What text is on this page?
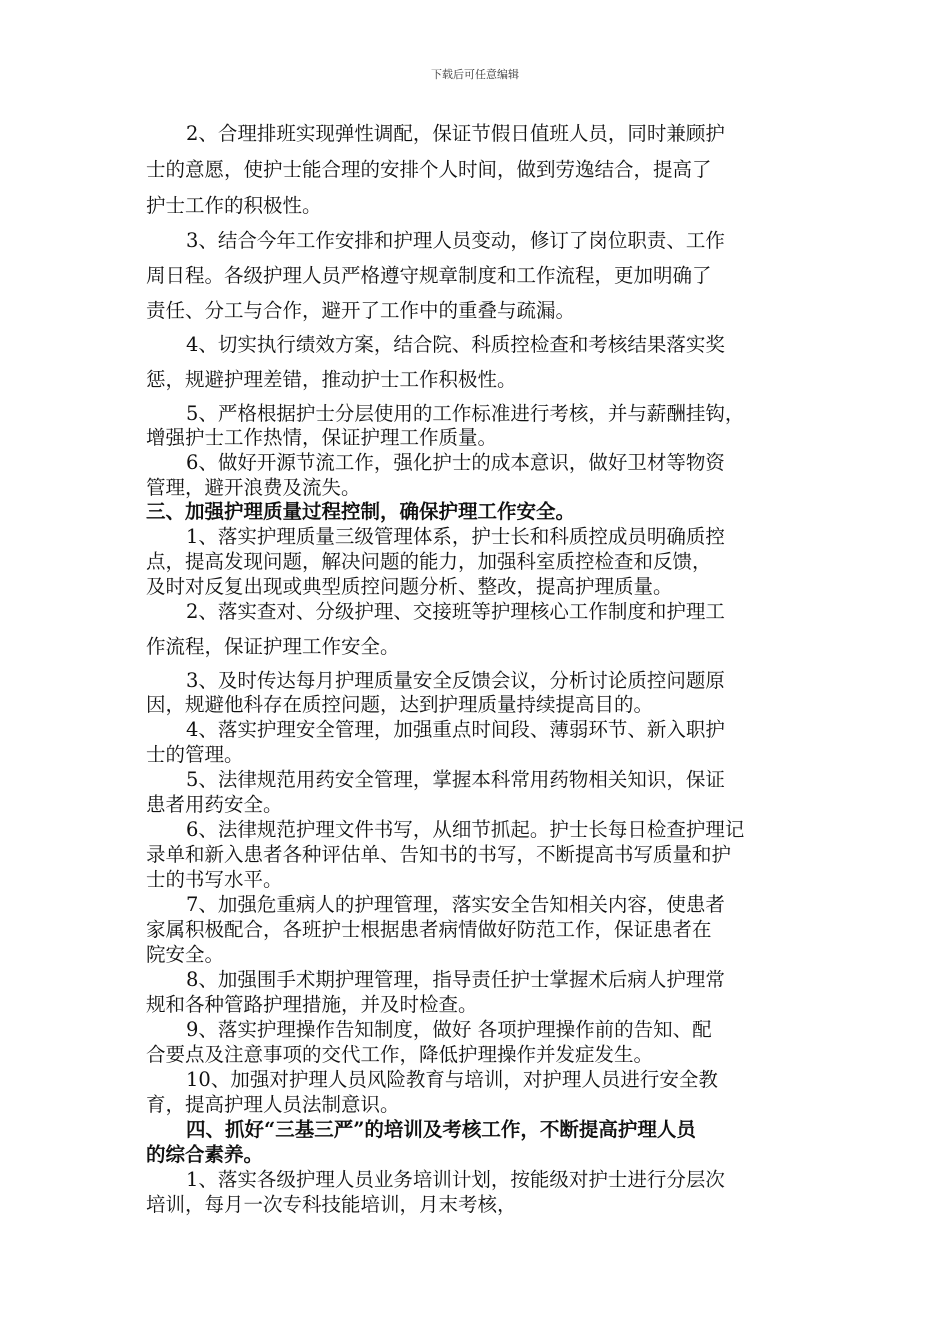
下载后可任意编辑
2、合理排班实现弹性调配，保证节假日值班人员，同时兼顾护
士的意愿，使护士能合理的安排个人时间，做到劳逸结合，提高了
护士工作的积极性。
3、结合今年工作安排和护理人员变动，修订了岗位职责、工作
周日程。各级护理人员严格遵守规章制度和工作流程，更加明确了
责任、分工与合作，避开了工作中的重叠与疏漏。
4、切实执行绩效方案，结合院、科质控检查和考核结果落实奖
惩，规避护理差错，推动护士工作积极性。
5、严格根据护士分层使用的工作标准进行考核，并与薪酬挂钩，
增强护士工作热情，保证护理工作质量。
6、做好开源节流工作，强化护士的成本意识，做好卫材等物资
管理，避开浪费及流失。
三、加强护理质量过程控制，确保护理工作安全。
1、落实护理质量三级管理体系，护士长和科质控成员明确质控
点，提高发现问题，解决问题的能力，加强科室质控检查和反馈，
及时对反复出现或典型质控问题分析、整改，提高护理质量。
2、落实查对、分级护理、交接班等护理核心工作制度和护理工
作流程，保证护理工作安全。
3、及时传达每月护理质量安全反馈会议，分析讨论质控问题原
因，规避他科存在质控问题，达到护理质量持续提高目的。
4、落实护理安全管理，加强重点时间段、薄弱环节、新入职护
士的管理。
5、法律规范用药安全管理，掌握本科常用药物相关知识，保证
患者用药安全。
6、法律规范护理文件书写，从细节抓起。护士长每日检查护理记
录单和新入患者各种评估单、告知书的书写，不断提高书写质量和护
士的书写水平。
7、加强危重病人的护理管理，落实安全告知相关内容，使患者
家属积极配合，各班护士根据患者病情做好防范工作，保证患者在
院安全。
8、加强围手术期护理管理，指导责任护士掌握术后病人护理常
规和各种管路护理措施，并及时检查。
9、落实护理操作告知制度，做好 各项护理操作前的告知、配
合要点及注意事项的交代工作，降低护理操作并发症发生。
10、加强对护理人员风险教育与培训，对护理人员进行安全教
育，提高护理人员法制意识。
四、抓好“三基三严”的培训及考核工作，不断提高护理人员
的综合素养。
1、落实各级护理人员业务培训计划，按能级对护士进行分层次
培训，每月一次专科技能培训，月末考核，
